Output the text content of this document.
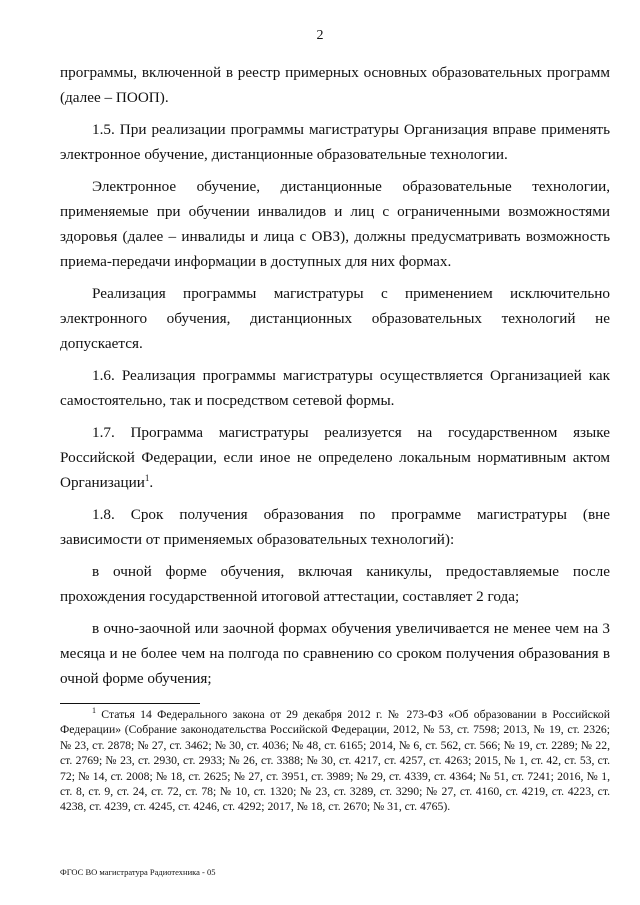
2

программы, включенной в реестр примерных основных образовательных программ (далее – ПООП).

1.5. При реализации программы магистратуры Организация вправе применять электронное обучение, дистанционные образовательные технологии.

Электронное обучение, дистанционные образовательные технологии, применяемые при обучении инвалидов и лиц с ограниченными возможностями здоровья (далее – инвалиды и лица с ОВЗ), должны предусматривать возможность приема-передачи информации в доступных для них формах.

Реализация программы магистратуры с применением исключительно электронного обучения, дистанционных образовательных технологий не допускается.

1.6. Реализация программы магистратуры осуществляется Организацией как самостоятельно, так и посредством сетевой формы.

1.7. Программа магистратуры реализуется на государственном языке Российской Федерации, если иное не определено локальным нормативным актом Организации$^1$.

1.8. Срок получения образования по программе магистратуры (вне зависимости от применяемых образовательных технологий):

в очной форме обучения, включая каникулы, предоставляемые после прохождения государственной итоговой аттестации, составляет 2 года;

в очно-заочной или заочной формах обучения увеличивается не менее чем на 3 месяца и не более чем на полгода по сравнению со сроком получения образования в очной форме обучения;

$^1$ Статья 14 Федерального закона от 29 декабря 2012 г. № 273-ФЗ «Об образовании в Российской Федерации» (Собрание законодательства Российской Федерации, 2012, № 53, ст. 7598; 2013, № 19, ст. 2326; № 23, ст. 2878; № 27, ст. 3462; № 30, ст. 4036; № 48, ст. 6165; 2014, № 6, ст. 562, ст. 566; № 19, ст. 2289; № 22, ст. 2769; № 23, ст. 2930, ст. 2933; № 26, ст. 3388; № 30, ст. 4217, ст. 4257, ст. 4263; 2015, № 1, ст. 42, ст. 53, ст. 72; № 14, ст. 2008; № 18, ст. 2625; № 27, ст. 3951, ст. 3989; № 29, ст. 4339, ст. 4364; № 51, ст. 7241; 2016, № 1, ст. 8, ст. 9, ст. 24, ст. 72, ст. 78; № 10, ст. 1320; № 23, ст. 3289, ст. 3290; № 27, ст. 4160, ст. 4219, ст. 4223, ст. 4238, ст. 4239, ст. 4245, ст. 4246, ст. 4292; 2017, № 18, ст. 2670; № 31, ст. 4765).

ФГОС ВО магистратура Радиотехника - 05
